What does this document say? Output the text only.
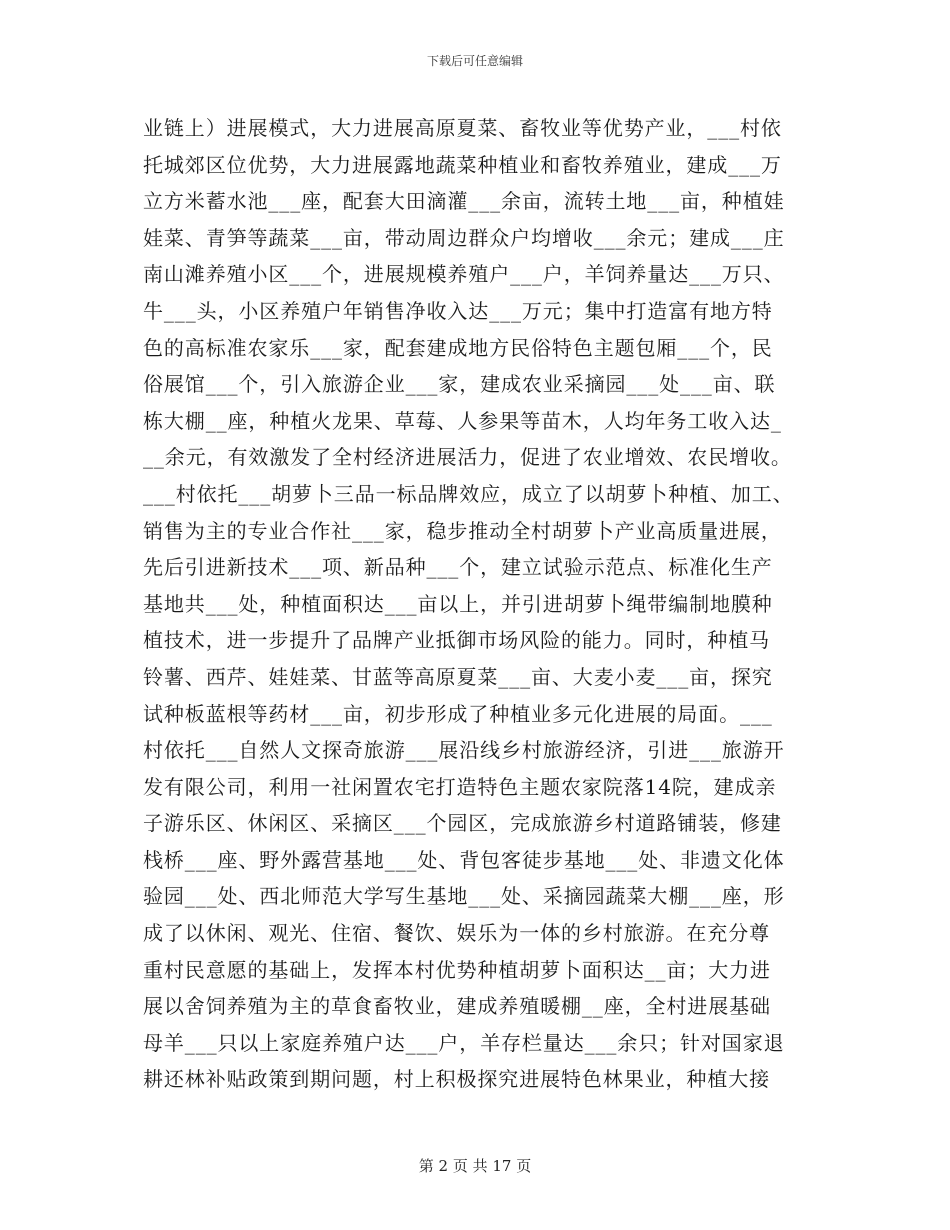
下载后可任意编辑
业链上）进展模式，大力进展高原夏菜、畜牧业等优势产业，___村依
托城郊区位优势，大力进展露地蔬菜种植业和畜牧养殖业，建成___万
立方米蓄水池___座，配套大田滴灌___余亩，流转土地___亩，种植娃
娃菜、青笋等蔬菜___亩，带动周边群众户均增收___余元；建成___庄
南山滩养殖小区___个，进展规模养殖户___户，羊饲养量达___万只、
牛___头，小区养殖户年销售净收入达___万元；集中打造富有地方特
色的高标准农家乐___家，配套建成地方民俗特色主题包厢___个，民
俗展馆___个，引入旅游企业___家，建成农业采摘园___处___亩、联
栋大棚__座，种植火龙果、草莓、人参果等苗木，人均年务工收入达_
__余元，有效激发了全村经济进展活力，促进了农业增效、农民增收。
___村依托___胡萝卜三品一标品牌效应，成立了以胡萝卜种植、加工、
销售为主的专业合作社___家，稳步推动全村胡萝卜产业高质量进展，
先后引进新技术___项、新品种___个，建立试验示范点、标准化生产
基地共___处，种植面积达___亩以上，并引进胡萝卜绳带编制地膜种
植技术，进一步提升了品牌产业抵御市场风险的能力。同时，种植马
铃薯、西芹、娃娃菜、甘蓝等高原夏菜___亩、大麦小麦___亩，探究
试种板蓝根等药材___亩，初步形成了种植业多元化进展的局面。___
村依托___自然人文探奇旅游___展沿线乡村旅游经济，引进___旅游开
发有限公司，利用一社闲置农宅打造特色主题农家院落14院，建成亲
子游乐区、休闲区、采摘区___个园区，完成旅游乡村道路铺装，修建
栈桥___座、野外露营基地___处、背包客徒步基地___处、非遗文化体
验园___处、西北师范大学写生基地___处、采摘园蔬菜大棚___座，形
成了以休闲、观光、住宿、餐饮、娱乐为一体的乡村旅游。在充分尊
重村民意愿的基础上，发挥本村优势种植胡萝卜面积达__亩；大力进
展以舍饲养殖为主的草食畜牧业，建成养殖暖棚__座，全村进展基础
母羊___只以上家庭养殖户达___户，羊存栏量达___余只；针对国家退
耕还林补贴政策到期问题，村上积极探究进展特色林果业，种植大接
第 2 页 共 17 页
